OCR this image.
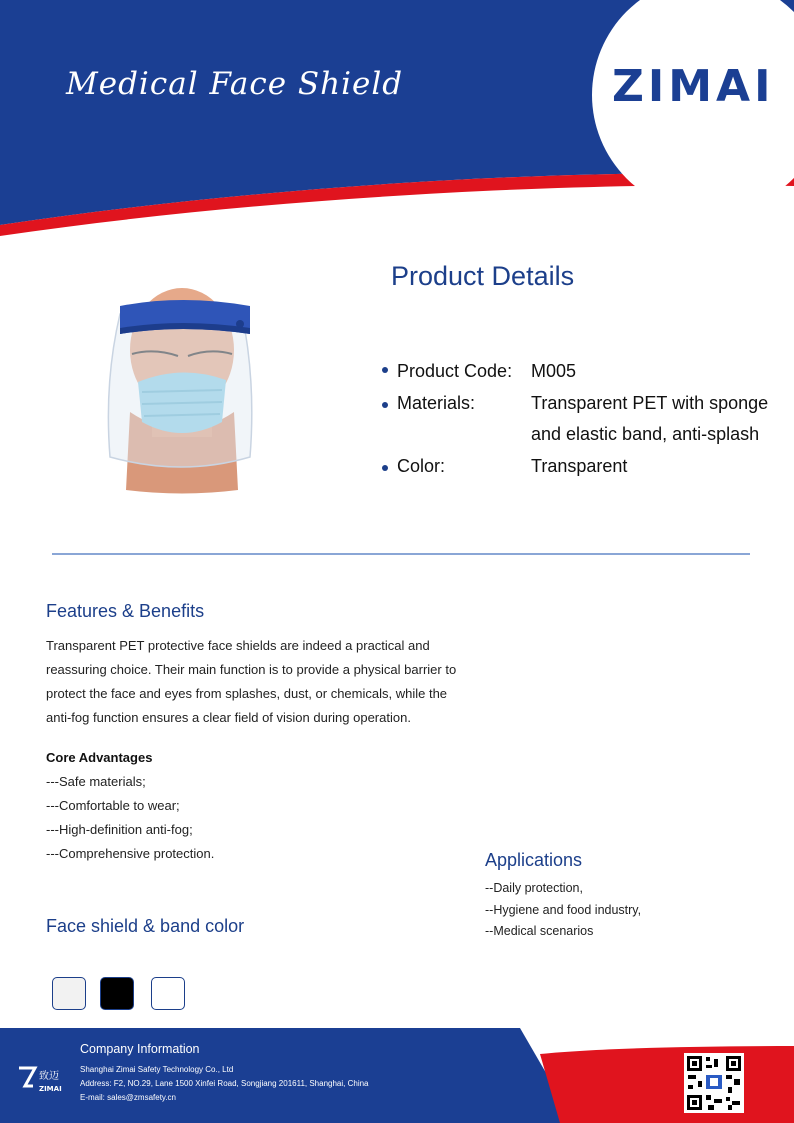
Medical Face Shield	ZIMAI
Product Details
Product Code: M005
Materials:	Transparent PET with sponge
and elastic band, anti-splash
Color:	Transparent
Features & Benefits
Transparent PET protective face shields are indeed a practical and
reassuring choice. Their main function is to provide a physical barrier to
protect the face and eyes from splashes, dust, or chemicals, while the
anti-fog function ensures a clear field of vision during operation.
Core Advantages
---Safe materials;
---Comfortable to wear;
---High-definition anti-fog;
---Comprehensive protection.	Applications
--Daily protection,
--Hygiene and food industry,
--Medical scenarios
Face shield & band color
Company Information
致迈
ZIMAI
Shanghai Zimai Safety Technology Co., Ltd
Address: F2, NO.29, Lane 1500 Xinfei Road, Songjiang 201611, Shanghai, China
E-mail: sales@zmsafety.cn
